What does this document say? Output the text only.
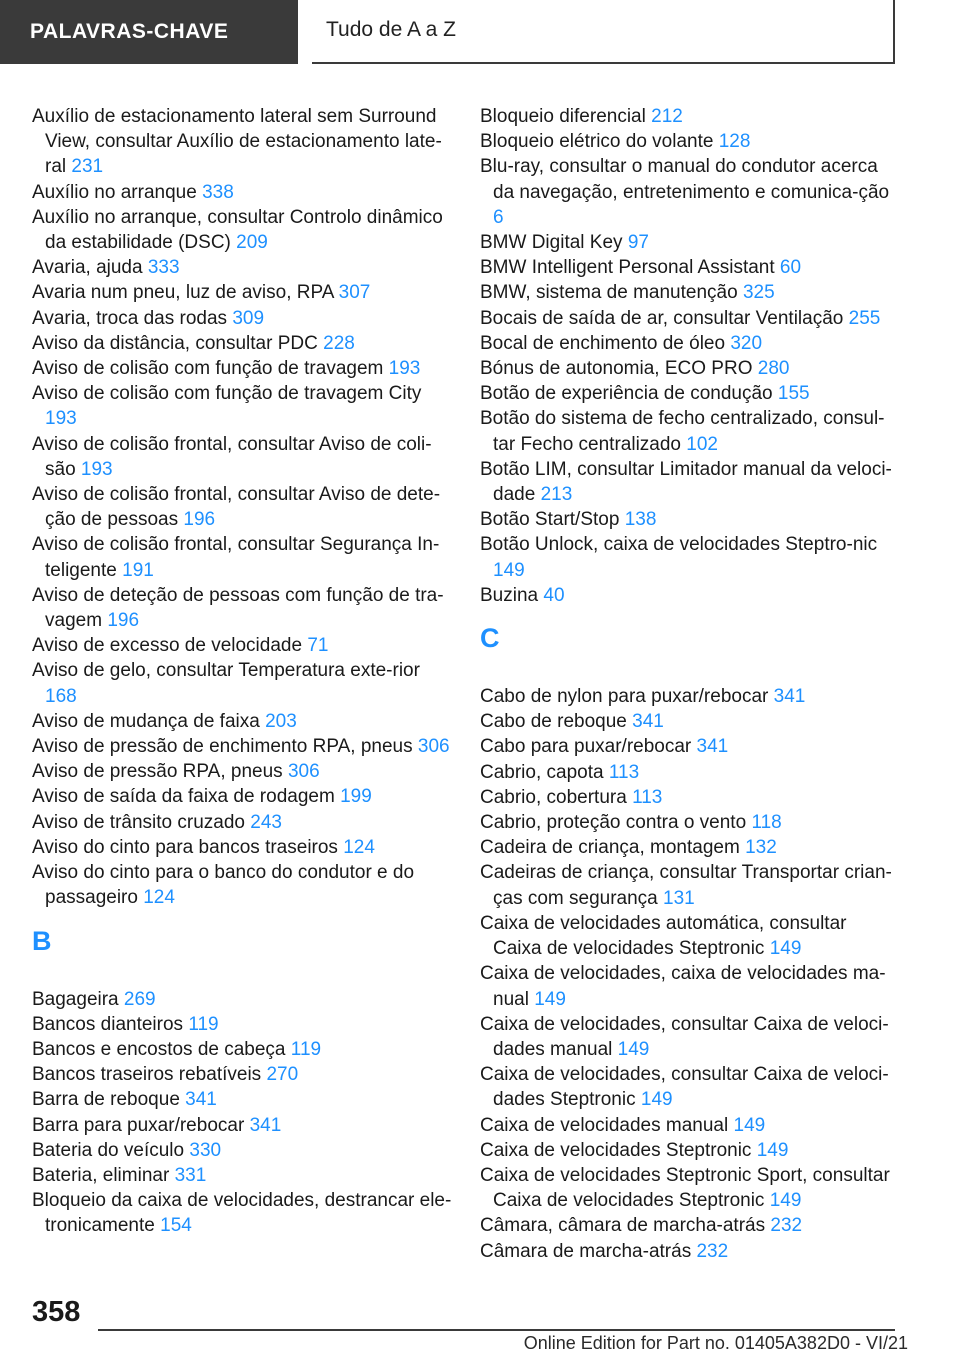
PALAVRAS-CHAVE	Tudo de A a Z

Auxílio de estacionamento lateral sem Surround View, consultar Auxílio de estacionamento late-ral 231

Auxílio no arranque 338

Auxílio no arranque, consultar Controlo dinâmico da estabilidade (DSC) 209

Avaria, ajuda 333

Avaria num pneu, luz de aviso, RPA 307

Avaria, troca das rodas 309

Aviso da distância, consultar PDC 228

Aviso de colisão com função de travagem 193

Aviso de colisão com função de travagem City 193

Aviso de colisão frontal, consultar Aviso de coli-são 193

Aviso de colisão frontal, consultar Aviso de dete-ção de pessoas 196

Aviso de colisão frontal, consultar Segurança In-teligente 191

Aviso de deteção de pessoas com função de tra-vagem 196

Aviso de excesso de velocidade 71

Aviso de gelo, consultar Temperatura exte-rior 168

Aviso de mudança de faixa 203

Aviso de pressão de enchimento RPA, pneus 306

Aviso de pressão RPA, pneus 306

Aviso de saída da faixa de rodagem 199

Aviso de trânsito cruzado 243

Aviso do cinto para bancos traseiros 124

Aviso do cinto para o banco do condutor e do passageiro 124

B

Bagageira 269

Bancos dianteiros 119

Bancos e encostos de cabeça 119

Bancos traseiros rebatíveis 270

Barra de reboque 341

Barra para puxar/rebocar 341

Bateria do veículo 330

Bateria, eliminar 331

Bloqueio da caixa de velocidades, destrancar ele-tronicamente 154

Bloqueio diferencial 212

Bloqueio elétrico do volante 128

Blu-ray, consultar o manual do condutor acerca da navegação, entretenimento e comunica-ção 6

BMW Digital Key 97

BMW Intelligent Personal Assistant 60

BMW, sistema de manutenção 325

Bocais de saída de ar, consultar Ventilação 255

Bocal de enchimento de óleo 320

Bónus de autonomia, ECO PRO 280

Botão de experiência de condução 155

Botão do sistema de fecho centralizado, consul-tar Fecho centralizado 102

Botão LIM, consultar Limitador manual da veloci-dade 213

Botão Start/Stop 138

Botão Unlock, caixa de velocidades Steptro-nic 149

Buzina 40

C

Cabo de nylon para puxar/rebocar 341

Cabo de reboque 341

Cabo para puxar/rebocar 341

Cabrio, capota 113

Cabrio, cobertura 113

Cabrio, proteção contra o vento 118

Cadeira de criança, montagem 132

Cadeiras de criança, consultar Transportar crian-ças com segurança 131

Caixa de velocidades automática, consultar Caixa de velocidades Steptronic 149

Caixa de velocidades, caixa de velocidades ma-nual 149

Caixa de velocidades, consultar Caixa de veloci-dades manual 149

Caixa de velocidades, consultar Caixa de veloci-dades Steptronic 149

Caixa de velocidades manual 149

Caixa de velocidades Steptronic 149

Caixa de velocidades Steptronic Sport, consultar Caixa de velocidades Steptronic 149

Câmara, câmara de marcha-atrás 232

Câmara de marcha-atrás 232

358
Online Edition for Part no. 01405A382D0 - VI/21
